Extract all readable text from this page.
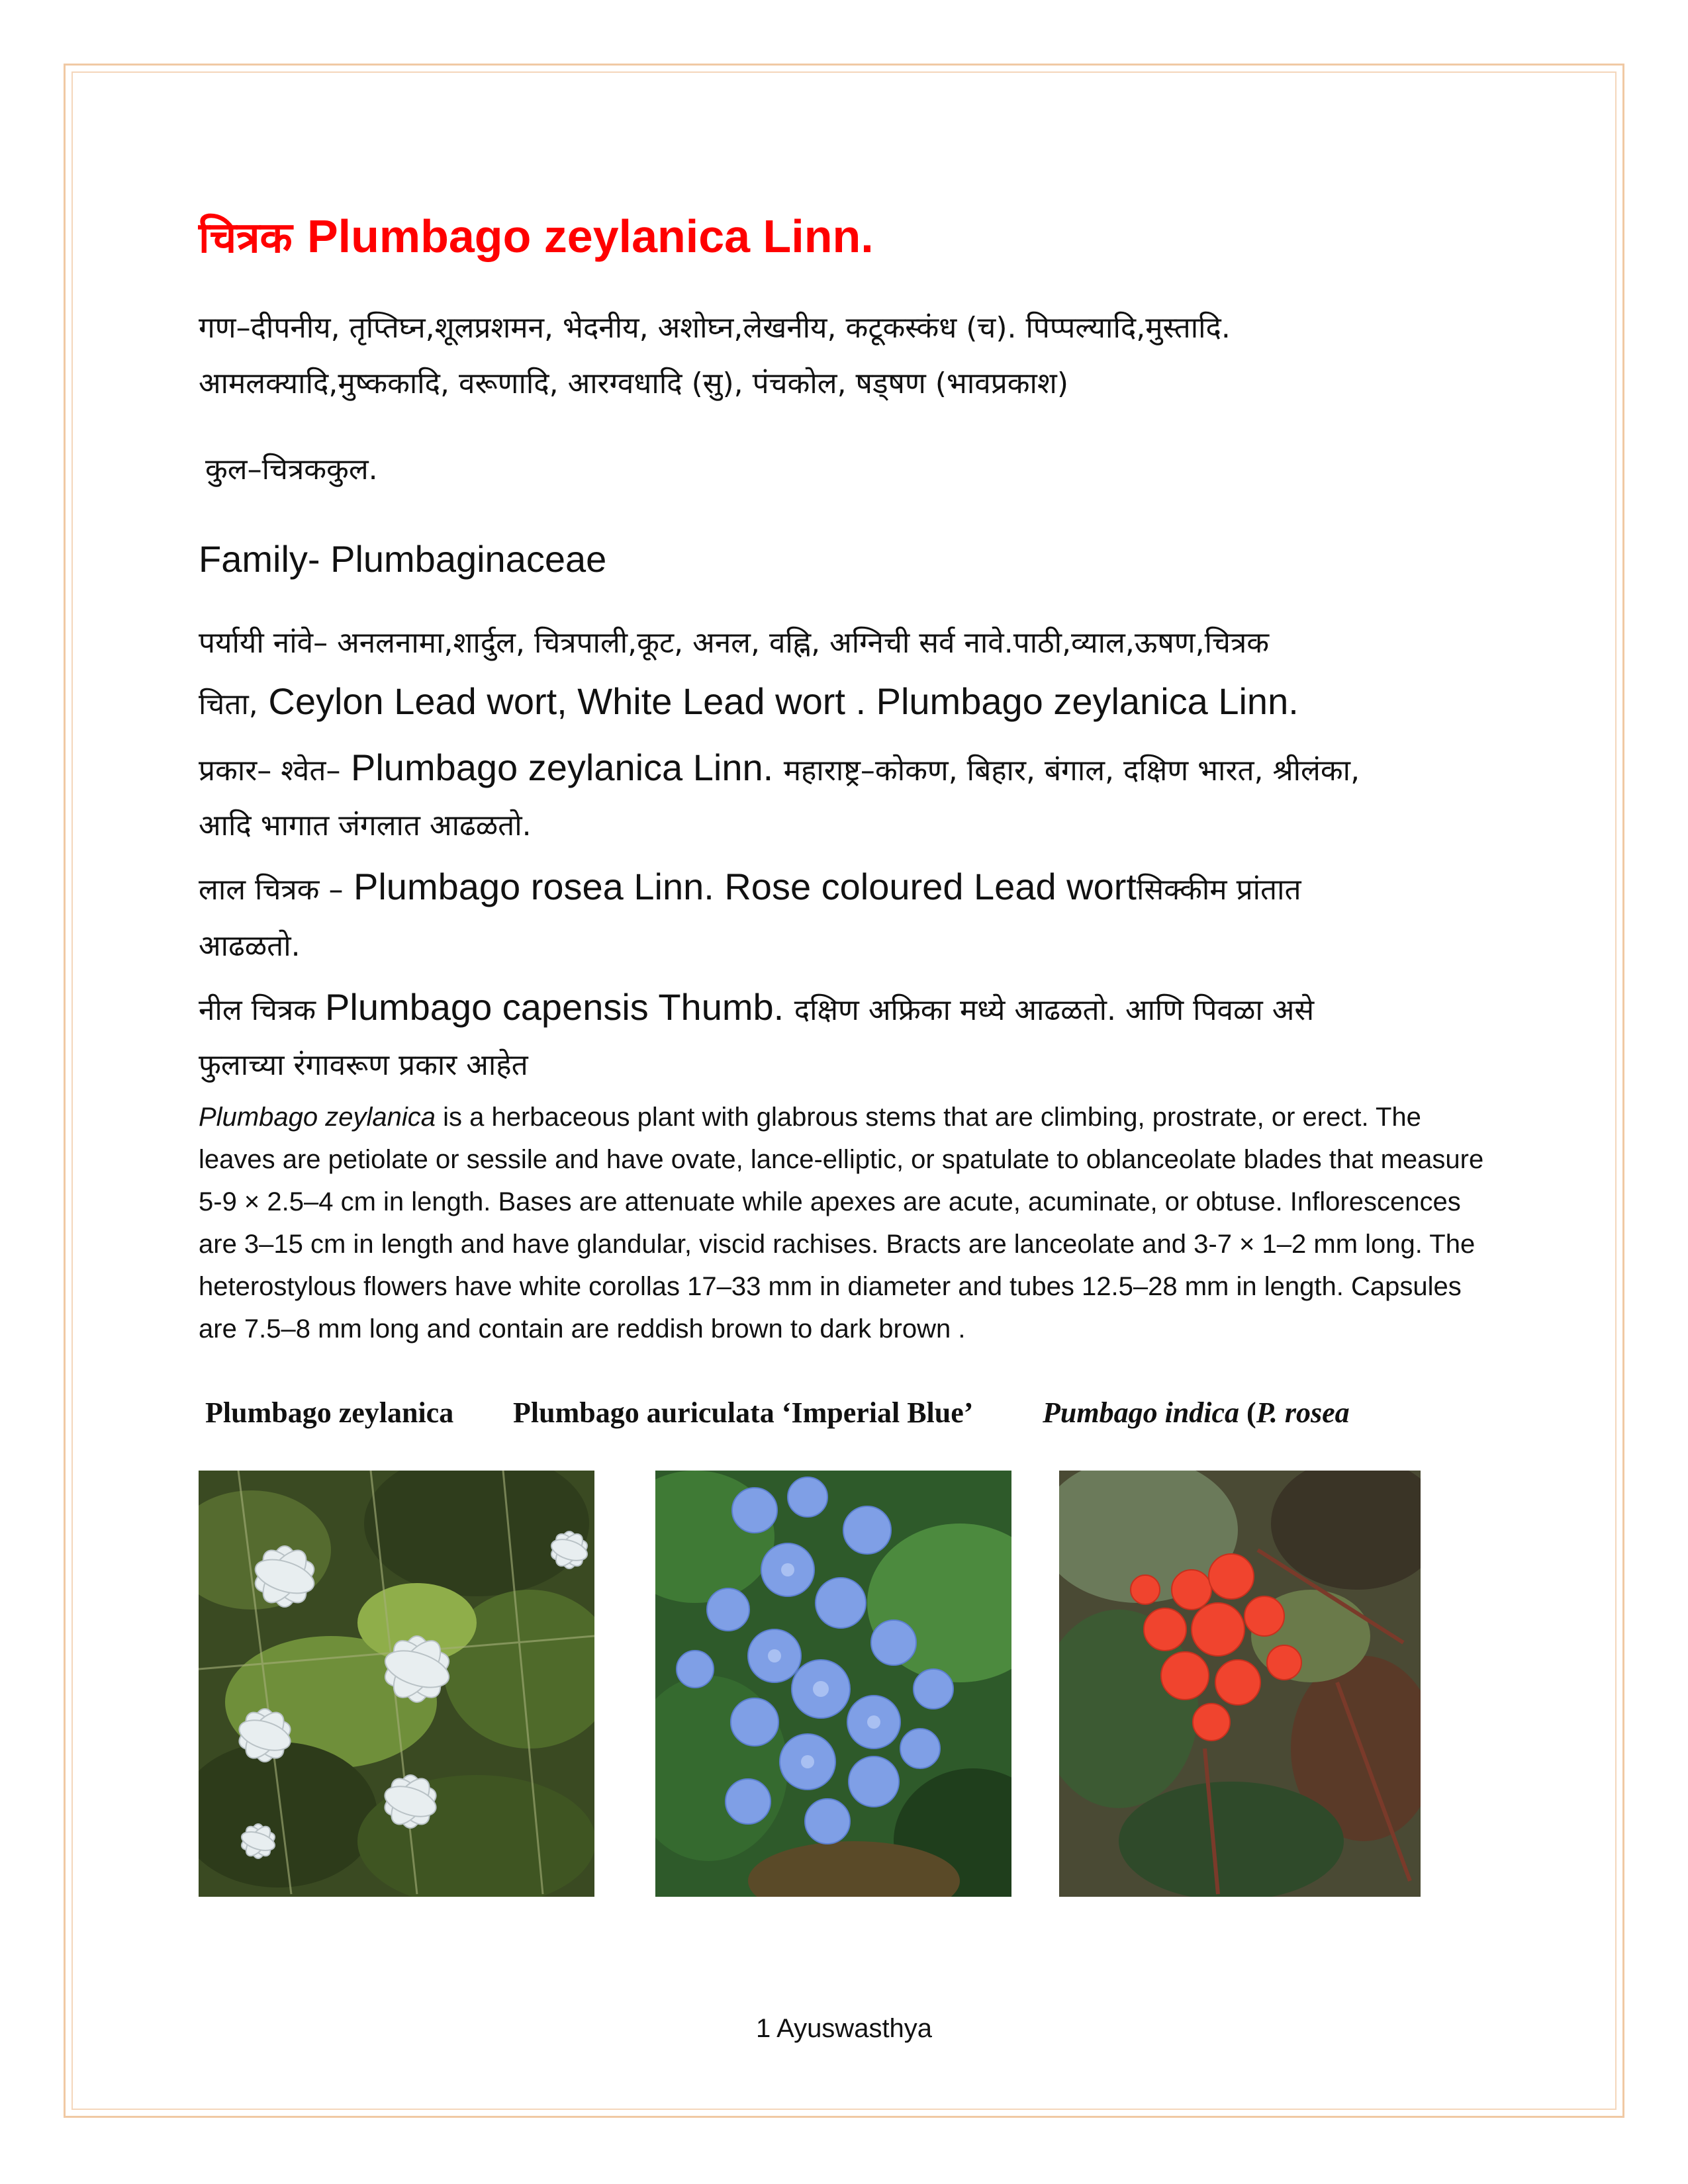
चित्रक Plumbago zeylanica Linn.
गण–दीपनीय, तृप्तिघ्न,शूलप्रशमन, भेदनीय, अशोघ्न,लेखनीय, कटूकस्कंध (च). पिप्पल्यादि,मुस्तादि.
आमलक्यादि,मुष्ककादि, वरूणादि, आरग्वधादि (सु), पंचकोल, षड्षण (भावप्रकाश)
कुल–चित्रककुल.
Family- Plumbaginaceae
पर्यायी नांवे– अनलनामा,शार्दुल, चित्रपाली,कूट, अनल, वह्नि, अग्निची सर्व नावे.पाठी,व्याल,ऊषण,चित्रक
चिता, Ceylon Lead wort, White Lead wort . Plumbago zeylanica Linn.
प्रकार– श्वेत– Plumbago zeylanica Linn. महाराष्ट्र–कोकण, बिहार, बंगाल, दक्षिण भारत, श्रीलंका,
आदि भागात जंगलात आढळतो.
लाल चित्रक – Plumbago rosea Linn. Rose coloured Lead wortसिक्कीम प्रांतात
आढळतो.
नील चित्रक Plumbago capensis Thumb. दक्षिण अफ्रिका मध्ये आढळतो. आणि पिवळा असे
फुलाच्या रंगावरूण प्रकार आहेत
Plumbago zeylanica is a herbaceous plant with glabrous stems that are climbing, prostrate, or erect. The leaves are petiolate or sessile and have ovate, lance-elliptic, or spatulate to oblanceolate blades that measure 5-9 × 2.5–4 cm in length. Bases are attenuate while apexes are acute, acuminate, or obtuse. Inflorescences are 3–15 cm in length and have glandular, viscid rachises. Bracts are lanceolate and 3-7 × 1–2 mm long. The heterostylous flowers have white corollas 17–33 mm in diameter and tubes 12.5–28 mm in length. Capsules are 7.5–8 mm long and contain are reddish brown to dark brown .
Plumbago zeylanica Plumbago auriculata ‘Imperial Blue’ Pumbago indica (P. rosea
1 Ayuswasthya
